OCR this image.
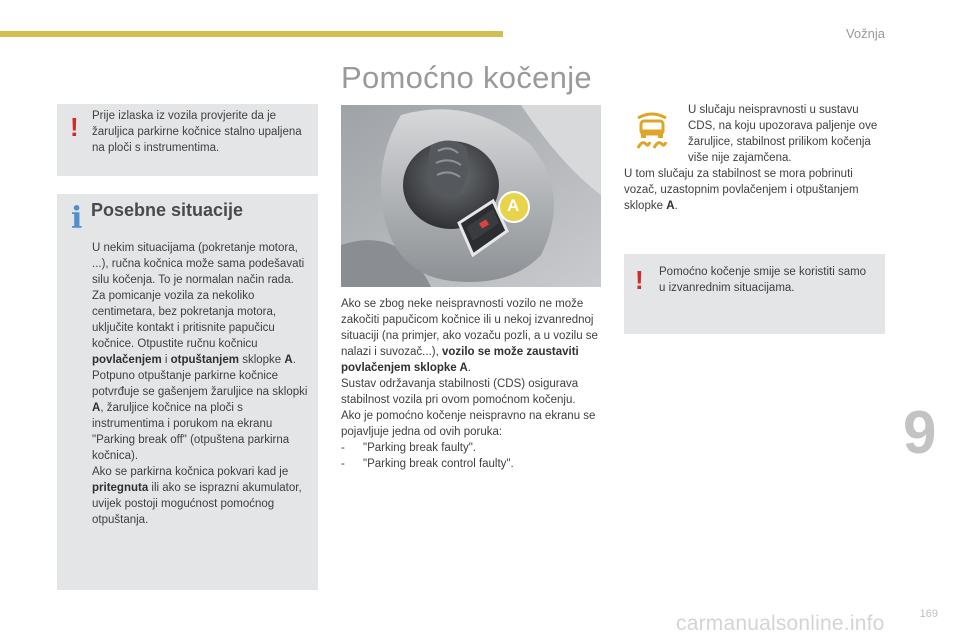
Vožnja
Pomoćno kočenje
! Prije izlaska iz vozila provjerite da je žaruljica parkirne kočnice stalno upaljena na ploči s instrumentima.

i Posebne situacije

U nekim situacijama (pokretanje motora, ...), ručna kočnica može sama podešavati silu kočenja. To je normalan način rada.

Za pomicanje vozila za nekoliko centimetara, bez pokretanja motora, uključite kontakt i pritisnite papučicu kočnice. Otpustite ručnu kočnicu povlačenjem i otpuštanjem sklopke A. Potpuno otpuštanje parkirne kočnice potvrđuje se gašenjem žaruljice na sklopki A, žaruljice kočnice na ploči s instrumentima i porukom na ekranu "Parking break off" (otpuštena parkirna kočnica).

Ako se parkirna kočnica pokvari kad je pritegnuta ili ako se isprazni akumulator, uvijek postoji mogućnost pomoćnog otpuštanja.

A

Ako se zbog neke neispravnosti vozilo ne može zakočiti papučicom kočnice ili u nekoj izvanrednoj situaciji (na primjer, ako vozaču pozli, a u vozilu se nalazi i suvozač...), vozilo se može zaustaviti povlačenjem sklopke A.

Sustav održavanja stabilnosti (CDS) osigurava stabilnost vozila pri ovom pomoćnom kočenju.

Ako je pomoćno kočenje neispravno na ekranu se pojavljuje jedna od ovih poruka:

- "Parking break faulty".

- "Parking break control faulty".

U slučaju neispravnosti u sustavu CDS, na koju upozorava paljenje ove žaruljice, stabilnost prilikom kočenja više nije zajamčena.

U tom slučaju za stabilnost se mora pobrinuti vozač, uzastopnim povlačenjem i otpuštanjem sklopke A.

! Pomoćno kočenje smije se koristiti samo u izvanrednim situacijama.

9
carmanualsonline.info	169
